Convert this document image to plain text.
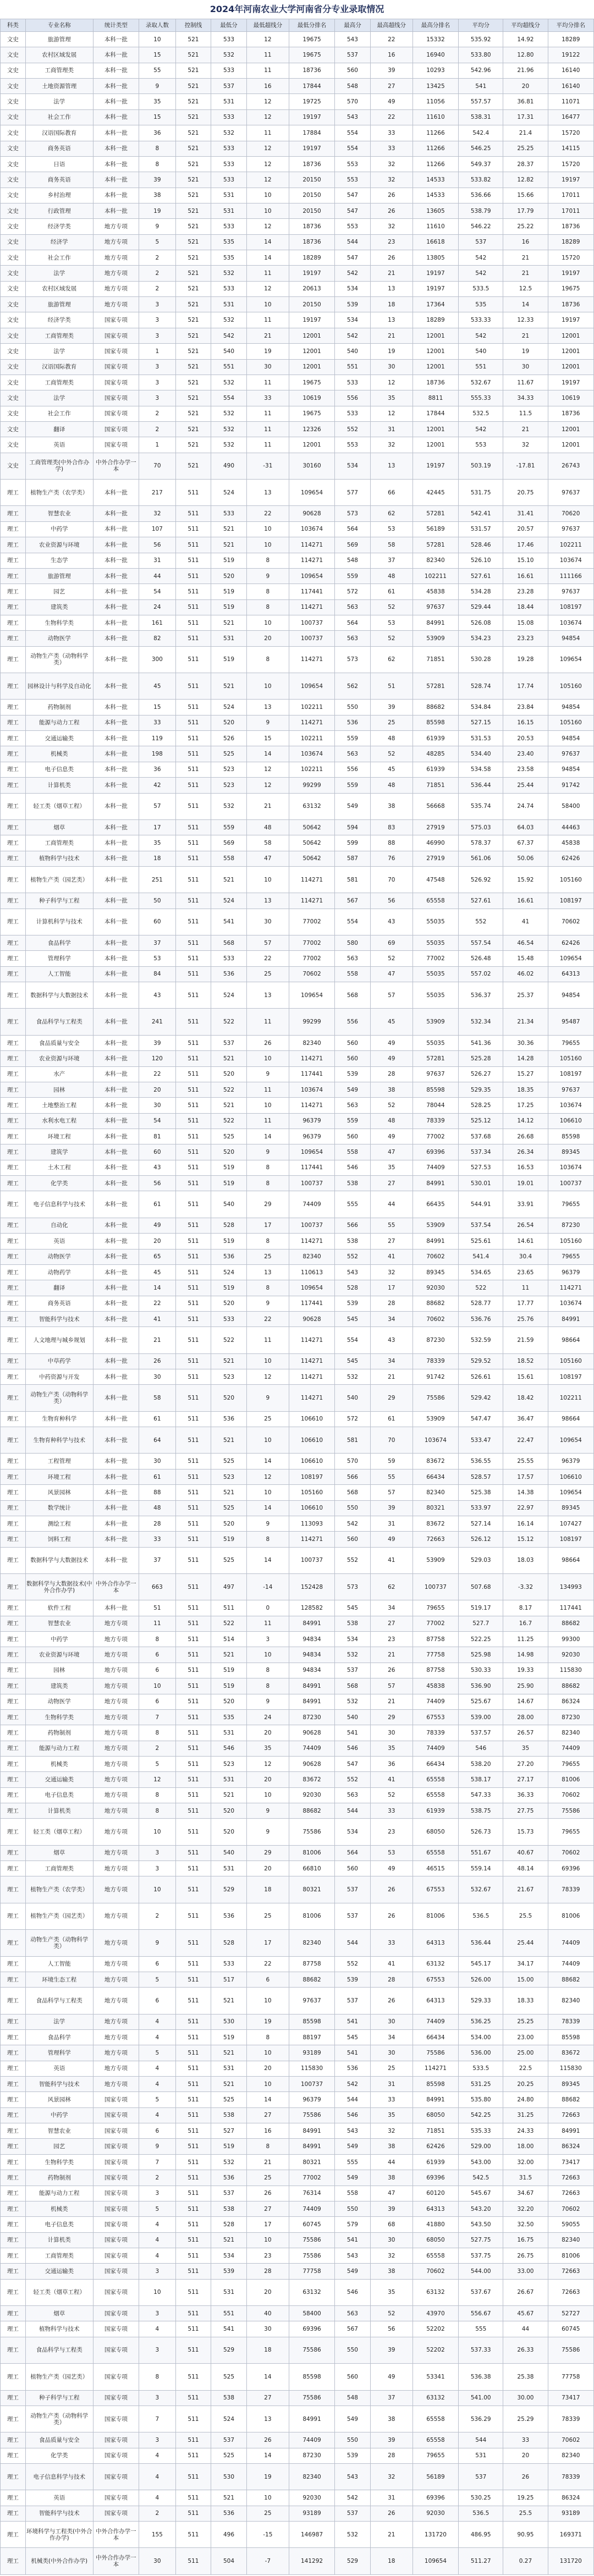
2024年河南农业大学河南省分专业录取情况
科类	专业名称	统计类型	录取人数	控制线	最低分	最低超线分	最低分排名	最高分	最高超线分	最高分排名	平均分	平均超线分	平均分排名
文史	旅游管理	本科一批	10	521	533	12	19675	543	22	15332	535.92	14.92	18289
文史	农村区域发展	本科一批	15	521	532	11	19675	537	16	16940	533.80	12.80	19122
文史	工商管理类	本科一批	55	521	533	11	18736	560	39	10293	542.96	21.96	16140
文史	土地资源管理	本科一批	9	521	537	16	17844	548	27	13425	541	20	16140
文史	法学	本科一批	35	521	531	12	19725	570	49	11056	557.57	36.81	11071
文史	社会工作	本科一批	15	521	533	12	19197	543	22	11610	538.31	17.31	16477
文史	汉语国际教育	本科一批	36	521	532	11	17884	554	33	11266	542.4	21.4	15720
文史	商务英语	本科一批	8	521	533	12	19197	554	33	11266	546.25	25.25	14115
文史	日语	本科一批	8	521	533	12	18736	553	32	11266	549.37	28.37	15720
文史	商务英语	本科一批	39	521	533	12	20150	553	32	14533	533.82	12.82	19197
文史	乡村治理	本科一批	38	521	531	10	20150	547	26	14533	536.66	15.66	17011
文史	行政管理	本科一批	19	521	531	10	20150	547	26	13605	538.79	17.79	17011
文史	经济学类	地方专项	9	521	533	12	18736	553	32	11610	546.22	25.22	18736
文史	经济学	地方专项	5	521	535	14	18736	544	23	16618	537	16	18289
文史	社会工作	地方专项	2	521	535	14	18289	547	26	13805	542	21	15720
文史	法学	地方专项	2	521	532	11	19197	542	21	19197	542	21	19197
文史	农村区域发展	地方专项	2	521	533	12	20613	534	13	19197	533.5	12.5	19675
文史	旅游管理	地方专项	3	521	531	10	20150	539	18	17364	535	14	18736
文史	经济学类	国家专项	3	521	532	11	19197	534	13	18289	533.33	12.33	19197
文史	工商管理类	国家专项	3	521	542	21	12001	542	21	12001	542	21	12001
文史	法学	国家专项	1	521	540	19	12001	540	19	12001	540	19	12001
文史	汉语国际教育	国家专项	3	521	551	30	12001	551	30	12001	551	30	12001
文史	工商管理类	国家专项	3	521	532	11	19675	533	12	18736	532.67	11.67	19197
文史	法学	国家专项	3	521	554	33	10619	556	35	8811	555.33	34.33	10619
文史	社会工作	国家专项	2	521	532	11	19675	533	12	17844	532.5	11.5	18736
文史	翻译	国家专项	2	521	532	11	12326	552	31	12001	542	21	12001
文史	英语	国家专项	1	521	532	11	12001	553	32	12001	553	32	12001
文史	工商管理类(中外合作办学)	中外合作办学一本	70	521	490	-31	30160	534	13	19197	503.19	-17.81	26743
理工	植物生产类（农学类）	本科一批	217	511	524	13	109654	577	66	42445	531.75	20.75	97637
理工	智慧农业	本科一批	32	511	533	22	90628	573	62	57281	542.41	31.41	70620
理工	中药学	本科一批	107	511	521	10	103674	564	53	56189	531.57	20.57	97637
理工	农业资源与环境	本科一批	56	511	521	10	114271	569	58	57281	528.46	17.46	102211
理工	生态学	本科一批	31	511	519	8	114271	548	37	82340	526.10	15.10	103674
理工	旅游管理	本科一批	44	511	520	9	109654	559	48	102211	527.61	16.61	111166
理工	园艺	本科一批	54	511	519	8	117441	572	61	45838	534.28	23.28	97637
理工	建筑类	本科一批	24	511	519	8	114271	563	52	97637	529.44	18.44	108197
理工	生物科学类	本科一批	161	511	521	10	100737	564	53	84991	526.08	15.08	103674
理工	动物医学	本科一批	82	511	531	20	100737	563	52	53909	534.23	23.23	94854
理工	动物生产类（动物科学类）	本科一批	300	511	519	8	114271	573	62	71851	530.28	19.28	109654
理工	园林设计与科学及自动化	本科一批	45	511	521	10	109654	562	51	57281	528.74	17.74	105160
理工	药物制剂	本科一批	15	511	524	13	102211	550	39	88682	534.84	23.84	94854
理工	能源与动力工程	本科一批	33	511	520	9	114271	536	25	85598	527.15	16.15	105160
理工	交通运输类	本科一批	119	511	526	15	102211	559	48	61939	531.53	20.53	94854
理工	机械类	本科一批	198	511	525	14	103674	563	52	48285	534.40	23.40	97637
理工	电子信息类	本科一批	36	511	523	12	102211	556	45	61939	534.58	23.58	94854
理工	计算机类	本科一批	42	511	523	12	99299	559	48	71851	536.44	25.44	91742
理工	轻工类（烟草工程）	本科一批	57	511	532	21	63132	549	38	56668	535.74	24.74	58400
理工	烟草	本科一批	17	511	559	48	50642	594	83	27919	575.03	64.03	44463
理工	工商管理类	本科一批	35	511	569	58	50642	599	88	46990	578.37	67.37	45838
理工	植物科学与技术	本科一批	18	511	558	47	50642	587	76	27919	561.06	50.06	62426
理工	植物生产类（园艺类）	本科一批	251	511	521	10	114271	581	70	47548	526.92	15.92	105160
理工	种子科学与工程	本科一批	50	511	524	13	114271	567	56	65558	527.61	16.61	108197
理工	计算机科学与技术	本科一批	60	511	541	30	77002	554	43	55035	552	41	70602
理工	食品科学	本科一批	37	511	568	57	77002	580	69	55035	557.54	46.54	62426
理工	管理科学	本科一批	53	511	533	22	77002	563	52	77002	526.48	15.48	109654
理工	人工智能	本科一批	84	511	536	25	70602	558	47	55035	557.02	46.02	64313
理工	数据科学与大数据技术	本科一批	43	511	524	13	109654	568	57	55035	536.37	25.37	94854
理工	食品科学与工程类	本科一批	241	511	522	11	99299	556	45	53909	532.34	21.34	95487
理工	食品质量与安全	本科一批	39	511	537	26	82340	560	49	55035	541.36	30.36	79655
理工	农业资源与环境	本科一批	120	511	521	10	114271	560	49	57281	525.28	14.28	105160
理工	水产	本科一批	22	511	520	9	117441	539	28	97637	526.27	15.27	108197
理工	园林	本科一批	20	511	522	11	103674	549	38	85598	529.35	18.35	97637
理工	土地整治工程	本科一批	30	511	521	10	114271	563	52	78044	528.25	17.25	103674
理工	水利水电工程	本科一批	54	511	522	11	96379	559	48	78339	525.12	14.12	106610
理工	环境工程	本科一批	81	511	525	14	96379	560	49	77002	537.68	26.68	85598
理工	建筑学	本科一批	60	511	520	9	109654	558	47	69396	537.34	26.34	89345
理工	土木工程	本科一批	43	511	519	8	117441	546	35	74409	527.53	16.53	103674
理工	化学类	本科一批	56	511	519	8	100737	538	27	84991	530.01	19.01	100737
理工	电子信息科学与技术	本科一批	61	511	540	29	74409	555	44	66435	544.91	33.91	79655
理工	自动化	本科一批	49	511	528	17	100737	566	55	53909	537.54	26.54	87230
理工	英语	本科一批	20	511	519	8	114271	538	27	84991	525.61	14.61	105160
理工	动物医学	本科一批	65	511	536	25	82340	552	41	70602	541.4	30.4	79655
理工	动物药学	本科一批	45	511	524	13	110613	543	32	89345	534.65	23.65	96379
理工	翻译	本科一批	14	511	519	8	109654	528	17	92030	522	11	114271
理工	商务英语	本科一批	22	511	520	9	117441	539	28	88682	528.77	17.77	103674
理工	智能科学与技术	本科一批	41	511	533	22	90628	545	34	70602	536.76	25.76	84991
理工	人文地理与城乡规划	本科一批	21	511	522	11	114271	554	43	87230	532.59	21.59	98664
理工	中草药学	本科一批	26	511	521	10	114271	545	34	78339	529.52	18.52	105160
理工	中药资源与开发	本科一批	30	511	523	12	114271	532	21	91742	526.61	15.61	108197
理工	动物生产类（动物科学类）	本科一批	58	511	520	9	114271	540	29	75586	529.42	18.42	102211
理工	生物育种科学	本科一批	61	511	536	25	106610	572	61	53909	547.47	36.47	98664
理工	生物育种科学与技术	本科一批	64	511	521	10	106610	581	70	103674	533.47	22.47	109654
理工	工程管理	本科一批	30	511	525	14	106610	570	59	83672	536.55	25.55	96379
理工	环境工程	本科一批	61	511	523	12	108197	566	55	66434	528.57	17.57	106610
理工	风景园林	本科一批	88	511	521	10	105160	568	57	82340	525.38	14.38	109654
理工	数学统计	本科一批	48	511	525	14	106610	550	39	80321	533.97	22.97	89345
理工	测绘工程	本科一批	28	511	520	9	113093	542	31	83672	527.14	16.14	107427
理工	饲料工程	本科一批	33	511	519	8	114271	560	49	72663	526.12	15.12	108197
理工	数据科学与大数据技术	本科一批	37	511	525	14	100737	552	41	53909	529.03	18.03	98664
理工	数据科学与大数据技术(中外合作办学)	中外合作办学一本	663	511	497	-14	152428	573	62	100737	507.68	-3.32	134993
理工	软件工程	本科一批	51	511	511	0	128582	545	34	79655	519.17	8.17	117441
理工	智慧农业	地方专项	11	511	522	11	84991	538	27	77002	527.7	16.7	88682
理工	中药学	地方专项	8	511	514	3	94834	534	23	87758	522.25	11.25	99300
理工	农业资源与环境	地方专项	6	511	521	10	94834	532	21	77758	525.98	14.98	92030
理工	园林	地方专项	6	511	519	8	94834	537	26	87758	530.33	19.33	115830
理工	建筑类	地方专项	10	511	519	8	84991	568	57	45838	536.90	25.90	88682
理工	动物医学	地方专项	6	511	520	9	84991	532	21	74409	525.67	14.67	86324
理工	生物科学类	地方专项	7	511	535	24	87230	540	29	67553	539.00	28.00	87230
理工	药物制剂	地方专项	8	511	531	20	90628	541	30	78339	537.57	26.57	82340
理工	能源与动力工程	地方专项	2	511	546	35	74409	546	35	74409	546	35	74409
理工	机械类	地方专项	5	511	523	12	90628	547	36	66434	538.20	27.20	79655
理工	交通运输类	地方专项	12	511	531	20	83672	552	41	65558	538.17	27.17	81006
理工	电子信息类	地方专项	8	511	521	10	92030	563	52	65558	547.33	36.33	70602
理工	计算机类	地方专项	8	511	520	9	88682	544	33	61939	538.75	27.75	75586
理工	轻工类（烟草工程）	地方专项	10	511	520	9	75586	534	23	68050	526.73	15.73	79655
理工	烟草	地方专项	3	511	540	29	81006	564	53	65558	551.67	40.67	70602
理工	工商管理类	地方专项	3	511	531	20	66810	560	49	46515	559.14	48.14	69396
理工	植物生产类（农学类）	地方专项	10	511	529	18	80321	537	26	67553	532.67	21.67	78339
理工	植物生产类（园艺类）	地方专项	2	511	536	25	81006	537	26	81006	536.5	25.5	81006
理工	动物生产类（动物科学类）	地方专项	9	511	528	17	82340	544	33	64313	536.44	25.44	74409
理工	人工智能	地方专项	6	511	533	22	87758	552	41	63132	545.17	34.17	74409
理工	环境生态工程	地方专项	5	511	517	6	88682	539	28	67553	526.00	15.00	88682
理工	食品科学与工程类	地方专项	6	511	521	10	97637	537	26	64313	529.33	18.33	82340
理工	法学	地方专项	4	511	530	19	85598	541	30	74409	536.25	25.25	78339
理工	食品科学	地方专项	4	511	519	8	88197	545	34	66434	534.00	23.00	85598
理工	管理科学	地方专项	5	511	521	10	93189	541	30	75586	536.00	25.00	83672
理工	英语	地方专项	4	511	531	20	115830	536	25	114271	533.5	22.5	115830
理工	智能科学与技术	地方专项	4	511	521	10	100737	542	31	85598	531.25	20.25	89345
理工	风景园林	国家专项	5	511	525	14	96379	544	33	84991	535.80	24.80	88682
理工	中药学	国家专项	4	511	538	27	75586	546	35	68050	542.25	31.25	72663
理工	智慧农业	国家专项	6	511	527	16	84991	543	32	71851	535.33	24.33	84991
理工	园艺	国家专项	9	511	519	8	84991	549	38	62426	529.00	18.00	86324
理工	生物科学类	国家专项	7	511	532	21	80321	555	44	61939	543.00	32.00	73417
理工	药物制剂	国家专项	2	511	536	25	77002	549	38	69396	542.5	31.5	72663
理工	能源与动力工程	国家专项	3	511	537	26	76314	558	47	60120	545.67	34.67	72663
理工	机械类	国家专项	5	511	538	27	74409	550	39	64313	543.20	32.20	70602
理工	电子信息类	国家专项	4	511	528	17	60745	579	68	41880	543.50	32.50	59055
理工	计算机类	国家专项	4	511	521	10	75586	541	30	68050	527.75	16.75	82340
理工	工商管理类	国家专项	4	511	534	23	75586	543	32	65558	537.75	26.75	81006
理工	交通运输类	国家专项	3	511	539	28	77758	549	38	70602	544.00	33.00	72663
理工	轻工类（烟草工程）	国家专项	10	511	531	20	63132	546	35	63132	537.67	26.67	72663
理工	烟草	国家专项	3	511	551	40	58400	563	52	43970	556.67	45.67	52727
理工	植物科学与技术	国家专项	4	511	541	30	69396	567	56	52202	555	44	60745
理工	食品科学与工程类	国家专项	3	511	529	18	75586	550	39	52202	537.33	26.33	75586
理工	植物生产类（园艺类）	国家专项	8	511	525	14	85598	560	49	53341	536.38	25.38	77758
理工	种子科学与工程	国家专项	3	511	538	27	75586	548	37	63132	541.00	30.00	73417
理工	动物生产类（动物科学类）	国家专项	7	511	524	13	84991	549	38	65558	536.29	25.29	78339
理工	食品质量与安全	国家专项	3	511	537	26	74409	550	39	65558	544	33	70602
理工	化学类	国家专项	4	511	525	14	87230	539	28	79655	531	20	82340
理工	电子信息科学与技术	国家专项	4	511	530	19	82340	543	32	56189	537	26	78339
理工	英语	国家专项	4	511	521	10	92030	542	31	69396	530.25	19.25	86324
理工	智能科学与技术	国家专项	2	511	536	25	93189	537	26	92030	536.5	25.5	93189
理工	环境科学与工程类(中外合作办学)	中外合作办学一本	155	511	496	-15	146987	532	21	131720	486.95	90.95	169371
理工	机械类(中外合作办学)	中外合作办学一本	30	511	504	-7	141292	529	18	109654	511.27	0.27	131720
